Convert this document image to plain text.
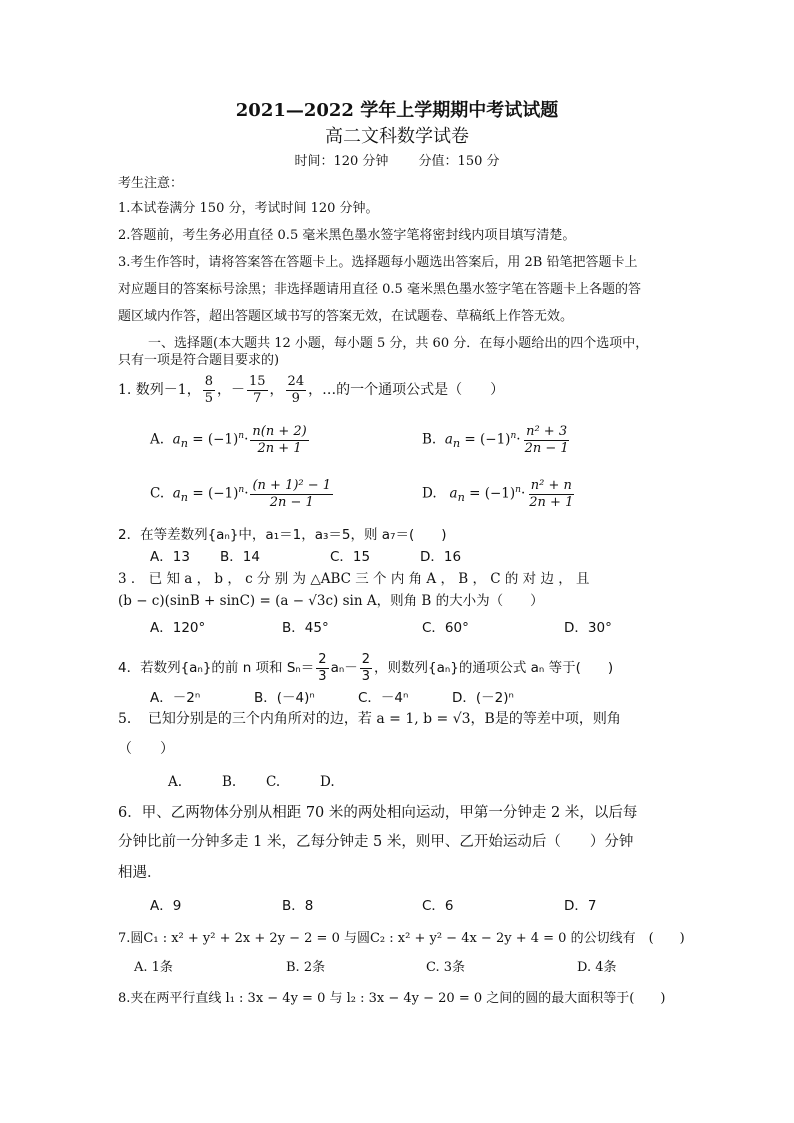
2021—2022 学年上学期期中考试试题
高二文科数学试卷
时间：120 分钟　　 分值：150 分
考生注意：
1.本试卷满分 150 分，考试时间 120 分钟。
2.答题前，考生务必用直径 0.5 毫米黑色墨水签字笔将密封线内项目填写清楚。
3.考生作答时，请将答案答在答题卡上。选择题每小题选出答案后，用 2B 铅笔把答题卡上
对应题目的答案标号涂黑；非选择题请用直径 0.5 毫米黑色墨水签字笔在答题卡上各题的答
题区域内作答，超出答题区域书写的答案无效，在试题卷、草稿纸上作答无效。
一、选择题(本大题共 12 小题，每小题 5 分，共 60 分．在每小题给出的四个选项中，
只有一项是符合题目要求的)
1. 数列－1， $\frac{8}{5}$ ，－ $\frac{15}{7}$ ， $\frac{24}{9}$ ，…的一个通项公式是（　　）
A. $a_n = (-1)^n\cdot \frac{n(n + 2)}{2n + 1}$	B. $a_n = (-1)^n\cdot \frac{\text{n² + 3}}{2n - 1}$
C. $a_n = (-1)^n\cdot \frac{\text{(n + 1)² − 1}}{2n - 1}$	D. $a_n = (-1)^n\cdot \frac{\text{n² + n}}{2n + 1}$
2．在等差数列{aₙ}中，a₁＝1，a₃＝5，则 a₇＝(　　)
A．13 B．14	C．15	D．16
3 ． 已 知 a ， b ， c 分 别 为 △ABC 三 个 内 角 A ， B ， C 的 对 边 ， 且
(b − c)(sinB + sinC) = (a − √3c) sin A，则角 B 的大小为（　　）
A．120°	B．45°	C．60°	D．30°
4．若数列{aₙ}的前 n 项和 $S_n= \frac{2}{3} a_n- \frac{2}{3}$ ，则数列{aₙ}的通项公式 aₙ 等于(　　)
A．－2ⁿ	B．(－4)ⁿ	C．－4ⁿ	D．(－2)ⁿ
5．　已知分别是的三个内角所对的边，若 a = 1, b = √3，B是的等差中项，则角
（　　）
A.	B. C.	D.
6．甲、乙两物体分别从相距 70 米的两处相向运动，甲第一分钟走 2 米，以后每
分钟比前一分钟多走 1 米，乙每分钟走 5 米，则甲、乙开始运动后（　　）分钟
相遇．
A．9	B．8	C．6	D．7
7.圆C₁ : x² + y² + 2x + 2y − 2 = 0 与圆C₂ : x² + y² − 4x − 2y + 4 = 0 的公切线有　(　　)
A. 1条	B. 2条	C. 3条	D. 4条
8.夹在两平行直线 l₁ : 3x − 4y = 0 与 l₂ : 3x − 4y − 20 = 0 之间的圆的最大面积等于(　　)
